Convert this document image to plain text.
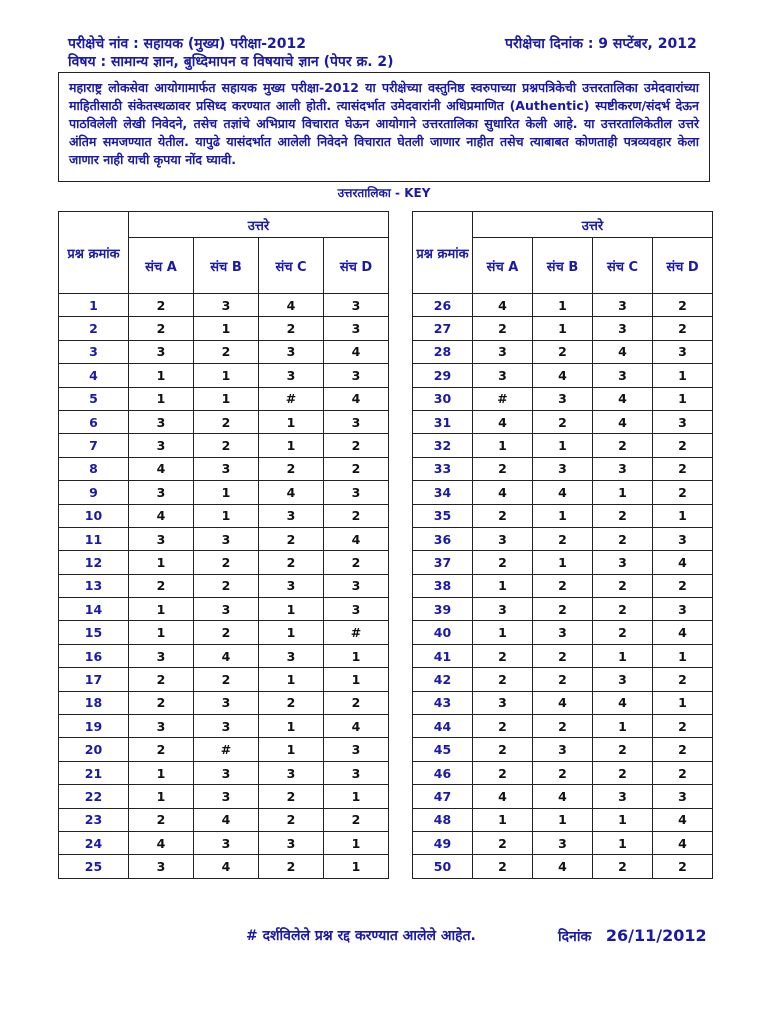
परीक्षेचे नांव : सहायक (मुख्य) परीक्षा-2012	परीक्षेचा दिनांक : 9 सप्टेंबर, 2012
विषय : सामान्य ज्ञान, बुध्दिमापन व विषयाचे ज्ञान (पेपर क्र. 2)
महाराष्ट्र लोकसेवा आयोगामार्फत सहायक मुख्य परीक्षा-2012 या परीक्षेच्या वस्तुनिष्ठ स्वरुपाच्या प्रश्नपत्रिकेची उत्तरतालिका उमेदवारांच्या माहितीसाठी संकेतस्थळावर प्रसिध्द करण्यात आली होती. त्यासंदर्भात उमेदवारांनी अधिप्रमाणित (Authentic) स्पष्टीकरण/संदर्भ देऊन पाठविलेली लेखी निवेदने, तसेच तज्ञांचे अभिप्राय विचारात घेऊन आयोगाने उत्तरतालिका सुधारित केली आहे. या उत्तरतालिकेतील उत्तरे अंतिम समजण्यात येतील. यापुढे यासंदर्भात आलेली निवेदने विचारात घेतली जाणार नाहीत तसेच त्याबाबत कोणताही पत्रव्यवहार केला जाणार नाही याची कृपया नोंद घ्यावी.
उत्तरतालिका - KEY
प्रश्न क्रमांक	उत्तरे			
	संच A	संच B	संच C	संच D
1	2	3	4	3
2	2	1	2	3
3	3	2	3	4
4	1	1	3	3
5	1	1	#	4
6	3	2	1	3
7	3	2	1	2
8	4	3	2	2
9	3	1	4	3
10	4	1	3	2
11	3	3	2	4
12	1	2	2	2
13	2	2	3	3
14	1	3	1	3
15	1	2	1	#
16	3	4	3	1
17	2	2	1	1
18	2	3	2	2
19	3	3	1	4
20	2	#	1	3
21	1	3	3	3
22	1	3	2	1
23	2	4	2	2
24	4	3	3	1
25	3	4	2	1
प्रश्न क्रमांक	उत्तरे			
	संच A	संच B	संच C	संच D
26	4	1	3	2
27	2	1	3	2
28	3	2	4	3
29	3	4	3	1
30	#	3	4	1
31	4	2	4	3
32	1	1	2	2
33	2	3	3	2
34	4	4	1	2
35	2	1	2	1
36	3	2	2	3
37	2	1	3	4
38	1	2	2	2
39	3	2	2	3
40	1	3	2	4
41	2	2	1	1
42	2	2	3	2
43	3	4	4	1
44	2	2	1	2
45	2	3	2	2
46	2	2	2	2
47	4	4	3	3
48	1	1	1	4
49	2	3	1	4
50	2	4	2	2
# दर्शविलेले प्रश्न रद्द करण्यात आलेले आहेत.	दिनांक 26/11/2012
